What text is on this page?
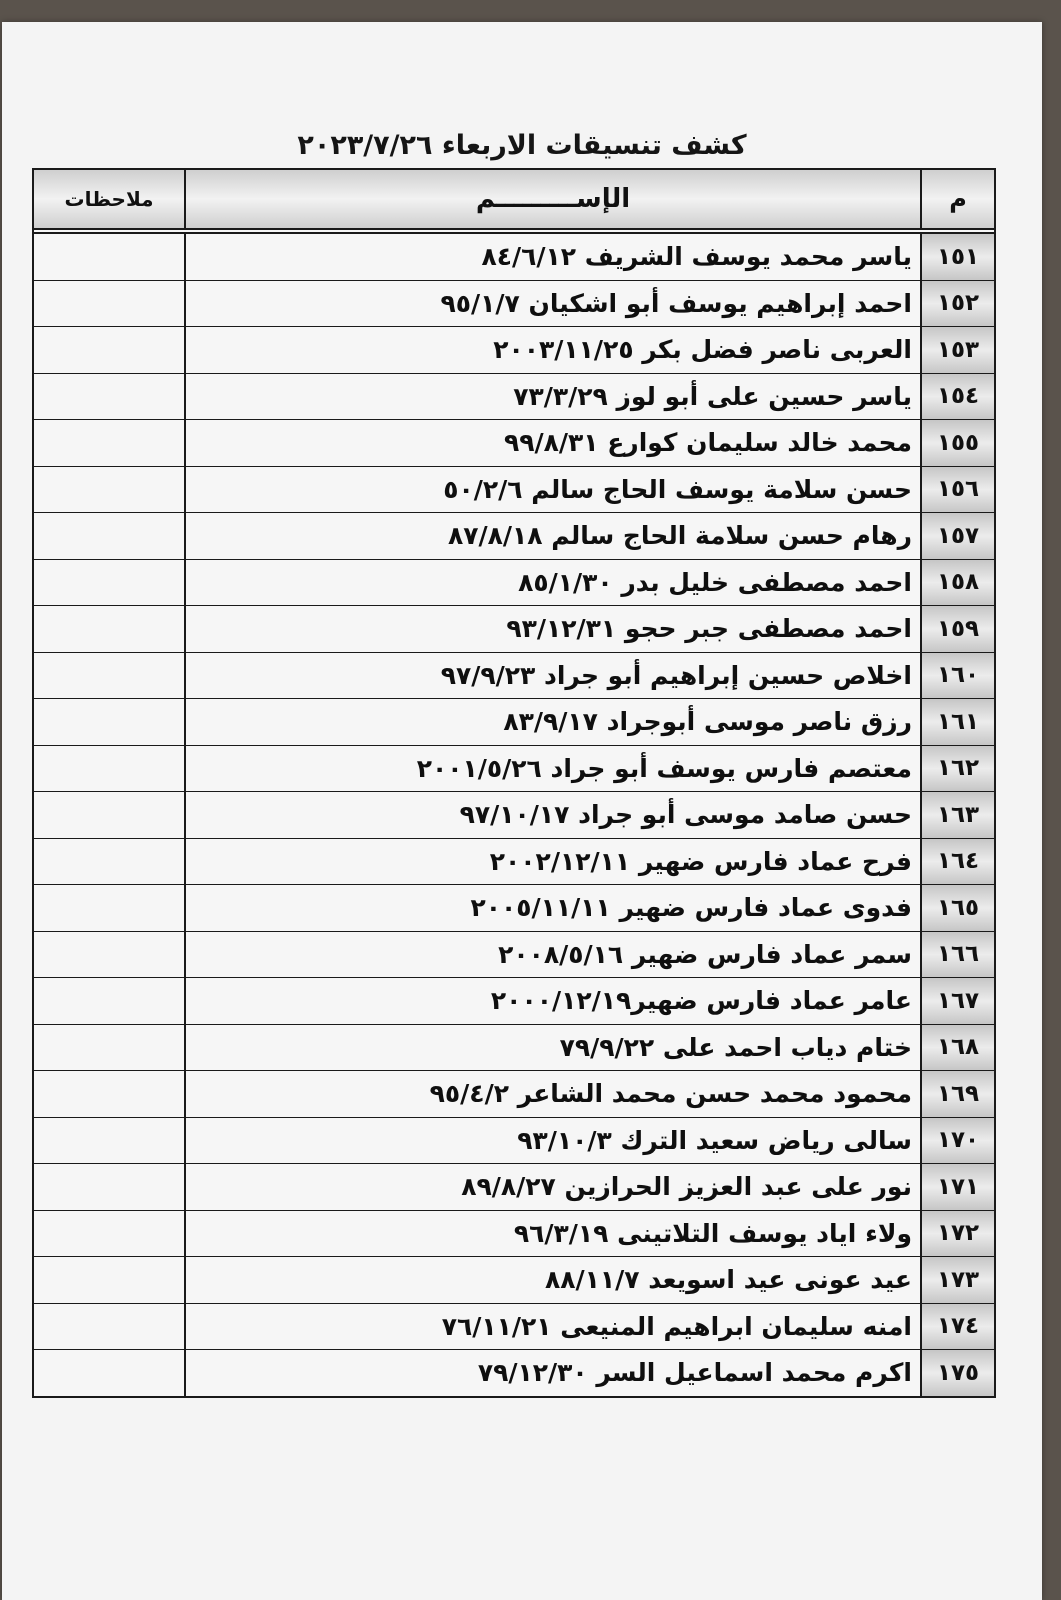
كشف تنسيقات الاربعاء ٢٠٢٣/٧/٢٦
م
الإســـــــــم
ملاحظات
١٥١
ياسر محمد يوسف الشريف ٨٤/٦/١٢
١٥٢
احمد إبراهيم يوسف أبو اشكيان ٩٥/١/٧
١٥٣
العربى ناصر فضل بكر ٢٠٠٣/١١/٢٥
١٥٤
ياسر حسين على أبو لوز ٧٣/٣/٢٩
١٥٥
محمد خالد سليمان كوارع ٩٩/٨/٣١
١٥٦
حسن سلامة يوسف الحاج سالم ٥٠/٢/٦
١٥٧
رهام حسن سلامة الحاج سالم ٨٧/٨/١٨
١٥٨
احمد مصطفى خليل بدر ٨٥/١/٣٠
١٥٩
احمد مصطفى جبر حجو ٩٣/١٢/٣١
١٦٠
اخلاص حسين إبراهيم أبو جراد ٩٧/٩/٢٣
١٦١
رزق ناصر موسى أبوجراد ٨٣/٩/١٧
١٦٢
معتصم فارس يوسف أبو جراد ٢٠٠١/٥/٢٦
١٦٣
حسن صامد موسى أبو جراد ٩٧/١٠/١٧
١٦٤
فرح عماد فارس ضهير ٢٠٠٢/١٢/١١
١٦٥
فدوى عماد فارس ضهير ٢٠٠٥/١١/١١
١٦٦
سمر عماد فارس ضهير ٢٠٠٨/٥/١٦
١٦٧
عامر عماد فارس ضهير٢٠٠٠/١٢/١٩
١٦٨
ختام دياب احمد على ٧٩/٩/٢٢
١٦٩
محمود محمد حسن محمد الشاعر ٩٥/٤/٢
١٧٠
سالى رياض سعيد الترك ٩٣/١٠/٣
١٧١
نور على عبد العزيز الحرازين ٨٩/٨/٢٧
١٧٢
ولاء اياد يوسف التلاتينى ٩٦/٣/١٩
١٧٣
عيد عونى عيد اسويعد ٨٨/١١/٧
١٧٤
امنه سليمان ابراهيم المنيعى ٧٦/١١/٢١
١٧٥
اكرم محمد اسماعيل السر ٧٩/١٢/٣٠
